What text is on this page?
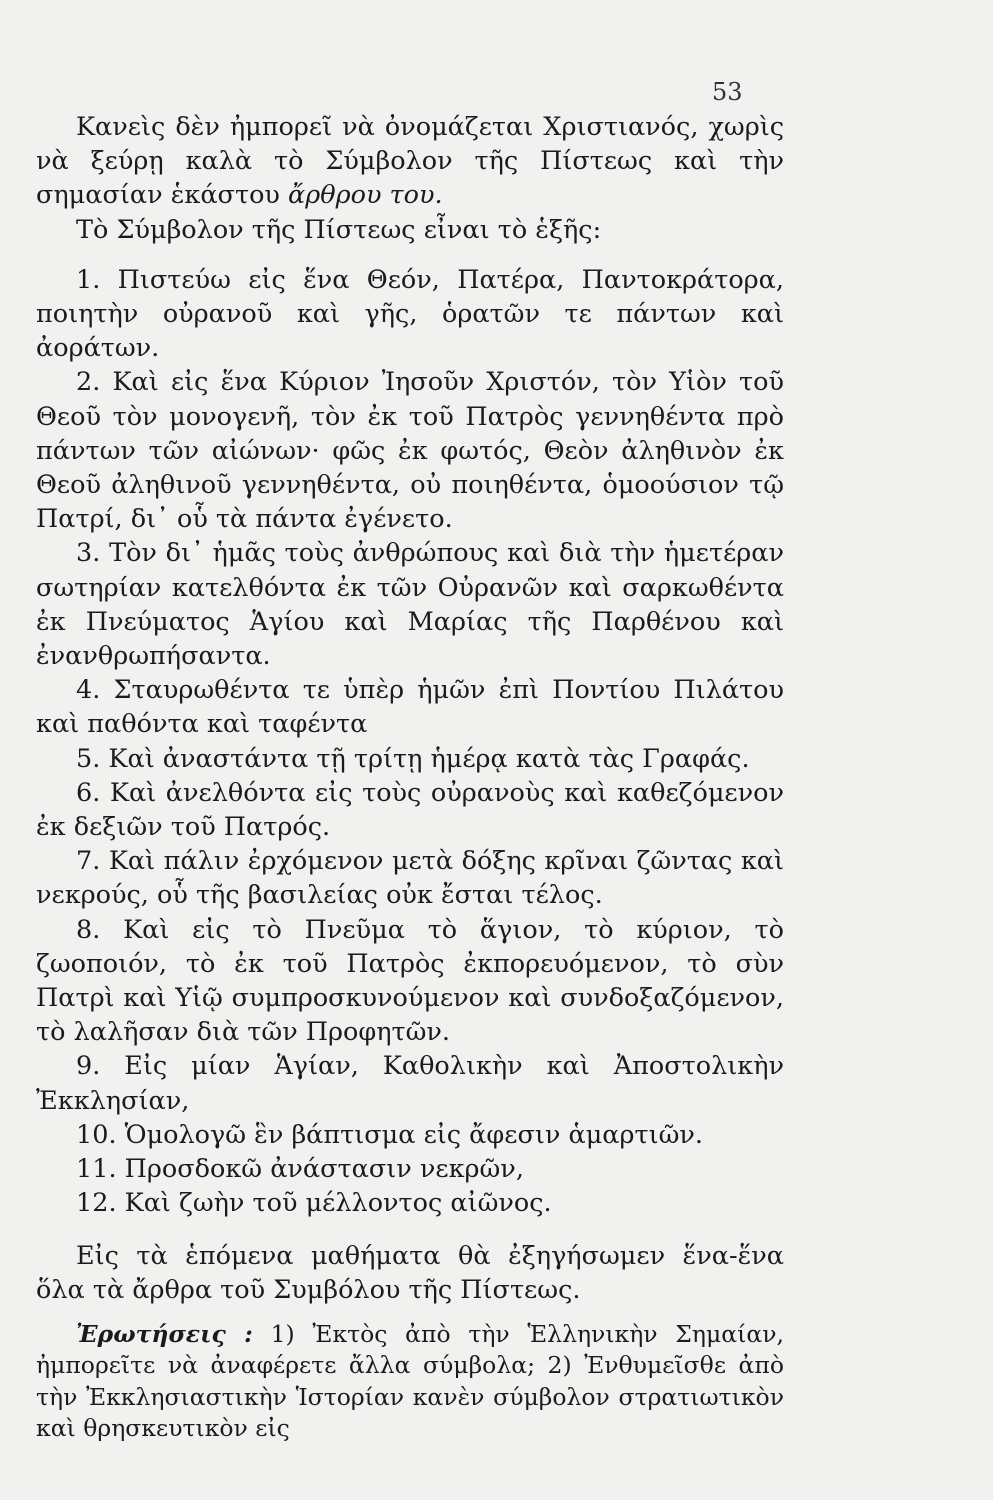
53

Κανεὶς δὲν ἠμπορεῖ νὰ ὀνομάζεται Χριστιανός, χωρὶς νὰ ξεύρῃ καλὰ τὸ Σύμβολον τῆς Πίστεως καὶ τὴν σημασίαν ἑκάστου ἄρθρου του.

Τὸ Σύμβολον τῆς Πίστεως εἶναι τὸ ἑξῆς:

1. Πιστεύω εἰς ἕνα Θεόν, Πατέρα, Παντοκράτορα, ποιητὴν οὐρανοῦ καὶ γῆς, ὁρατῶν τε πάντων καὶ ἀοράτων.

2. Καὶ εἰς ἕνα Κύριον Ἰησοῦν Χριστόν, τὸν Υἱὸν τοῦ Θεοῦ τὸν μονογενῆ, τὸν ἐκ τοῦ Πατρὸς γεννηθέντα πρὸ πάντων τῶν αἰώνων· φῶς ἐκ φωτός, Θεὸν ἀληθινὸν ἐκ Θεοῦ ἀληθινοῦ γεννηθέντα, οὐ ποιηθέντα, ὁμοούσιον τῷ Πατρί, δι᾿ οὗ τὰ πάντα ἐγένετο.

3. Τὸν δι᾿ ἡμᾶς τοὺς ἀνθρώπους καὶ διὰ τὴν ἡμετέραν σωτηρίαν κατελθόντα ἐκ τῶν Οὐρανῶν καὶ σαρκωθέντα ἐκ Πνεύματος Ἁγίου καὶ Μαρίας τῆς Παρθένου καὶ ἐνανθρωπήσαντα.

4. Σταυρωθέντα τε ὑπὲρ ἡμῶν ἐπὶ Ποντίου Πιλάτου καὶ παθόντα καὶ ταφέντα

5. Καὶ ἀναστάντα τῇ τρίτῃ ἡμέρᾳ κατὰ τὰς Γραφάς.

6. Καὶ ἀνελθόντα εἰς τοὺς οὐρανοὺς καὶ καθεζόμενον ἐκ δεξιῶν τοῦ Πατρός.

7. Καὶ πάλιν ἐρχόμενον μετὰ δόξης κρῖναι ζῶντας καὶ νεκρούς, οὗ τῆς βασιλείας οὐκ ἔσται τέλος.

8. Καὶ εἰς τὸ Πνεῦμα τὸ ἅγιον, τὸ κύριον, τὸ ζωοποιόν, τὸ ἐκ τοῦ Πατρὸς ἐκπορευόμενον, τὸ σὺν Πατρὶ καὶ Υἱῷ συμπροσκυνούμενον καὶ συνδοξαζόμενον, τὸ λαλῆσαν διὰ τῶν Προφητῶν.

9. Εἰς μίαν Ἁγίαν, Καθολικὴν καὶ Ἀποστολικὴν Ἐκκλησίαν,

10. Ὁμολογῶ ἓν βάπτισμα εἰς ἄφεσιν ἁμαρτιῶν.

11. Προσδοκῶ ἀνάστασιν νεκρῶν,

12. Καὶ ζωὴν τοῦ μέλλοντος αἰῶνος.

Εἰς τὰ ἑπόμενα μαθήματα θὰ ἐξηγήσωμεν ἕνα-ἕνα ὅλα τὰ ἄρθρα τοῦ Συμβόλου τῆς Πίστεως.

Ἐρωτήσεις : 1) Ἐκτὸς ἀπὸ τὴν Ἑλληνικὴν Σημαίαν, ἠμπορεῖτε νὰ ἀναφέρετε ἄλλα σύμβολα; 2) Ἐνθυμεῖσθε ἀπὸ τὴν Ἐκκλησιαστικὴν Ἱστορίαν κανὲν σύμβολον στρατιωτικὸν καὶ θρησκευτικὸν εἰς
